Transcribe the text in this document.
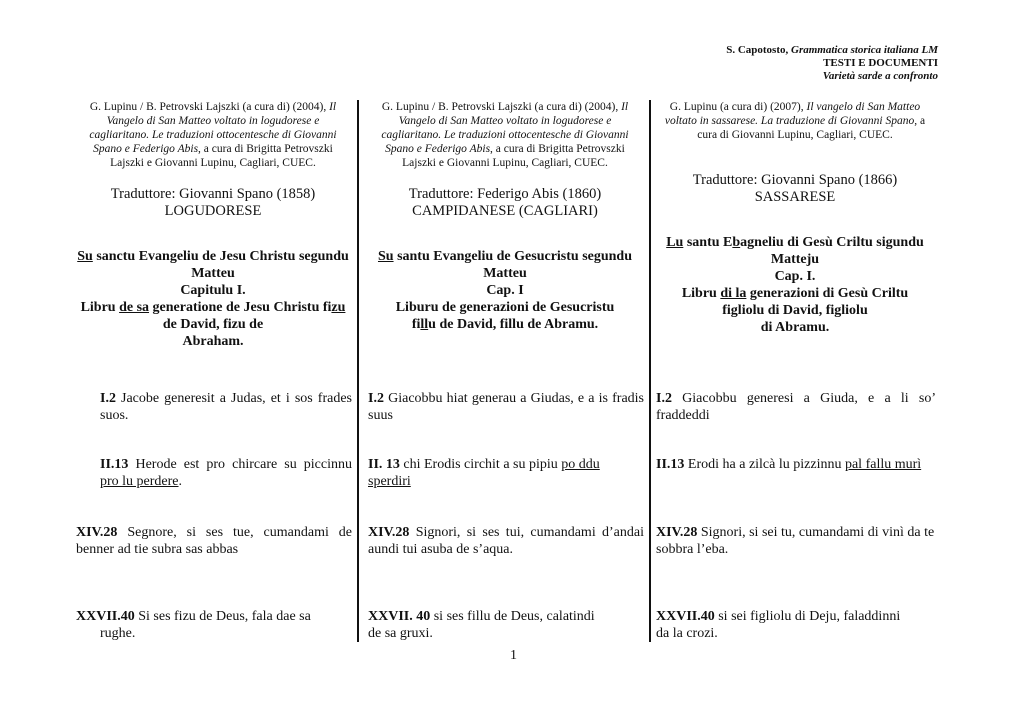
S. Capotosto, Grammatica storica italiana LM
TESTI E DOCUMENTI
Varietà sarde a confronto
G. Lupinu / B. Petrovski Lajszki (a cura di) (2004), Il Vangelo di San Matteo voltato in logudorese e cagliaritano. Le traduzioni ottocentesche di Giovanni Spano e Federigo Abis, a cura di Brigitta Petrovszki Lajszki e Giovanni Lupinu, Cagliari, CUEC.
Traduttore: Giovanni Spano (1858)
LOGUDORESE
Su sanctu Evangeliu de Jesu Christu segundu Matteu
Capitulu I.
Libru de sa generatione de Jesu Christu fizu
de David, fizu de
Abraham.
I.2 Jacobe generesit a Judas, et i sos frades suos.
II.13 Herode est pro chircare su piccinnu pro lu perdere.
XIV.28 Segnore, si ses tue, cumandami de benner ad tie subra sas abbas
XXVII.40 Si ses fizu de Deus, fala dae sa
rughe.
G. Lupinu / B. Petrovski Lajszki (a cura di) (2004), Il Vangelo di San Matteo voltato in logudorese e cagliaritano. Le traduzioni ottocentesche di Giovanni Spano e Federigo Abis, a cura di Brigitta Petrovszki Lajszki e Giovanni Lupinu, Cagliari, CUEC.
Traduttore: Federigo Abis (1860)
CAMPIDANESE (CAGLIARI)
Su santu Evangeliu de Gesucristu segundu Matteu
Cap. I
Liburu de generazioni de Gesucristu
fillu de David, fillu de Abramu.
I.2 Giacobbu hiat generau a Giudas, e a is fradis suus
II. 13 chi Erodis circhit a su pipiu po ddu sperdiri
XIV.28 Signori, si ses tui, cumandami d’andai aundi tui asuba de s’aqua.
XXVII. 40 si ses fillu de Deus, calatindi
de sa gruxi.
G. Lupinu (a cura di) (2007), Il vangelo di San Matteo voltato in sassarese. La traduzione di Giovanni Spano, a cura di Giovanni Lupinu, Cagliari, CUEC.
Traduttore: Giovanni Spano (1866)
SASSARESE
Lu santu Ebagneliu di Gesù Criltu sigundu Matteju
Cap. I.
Libru di la generazioni di Gesù Criltu
figliolu di David, figliolu
di Abramu.
I.2 Giacobbu generesi a Giuda, e a li so’ fraddeddi
II.13 Erodi ha a zilcà lu pizzinnu pal fallu murì
XIV.28 Signori, si sei tu, cumandami di vinì da te sobbra l’eba.
XXVII.40 si sei figliolu di Deju, faladdinni
da la crozi.
1
